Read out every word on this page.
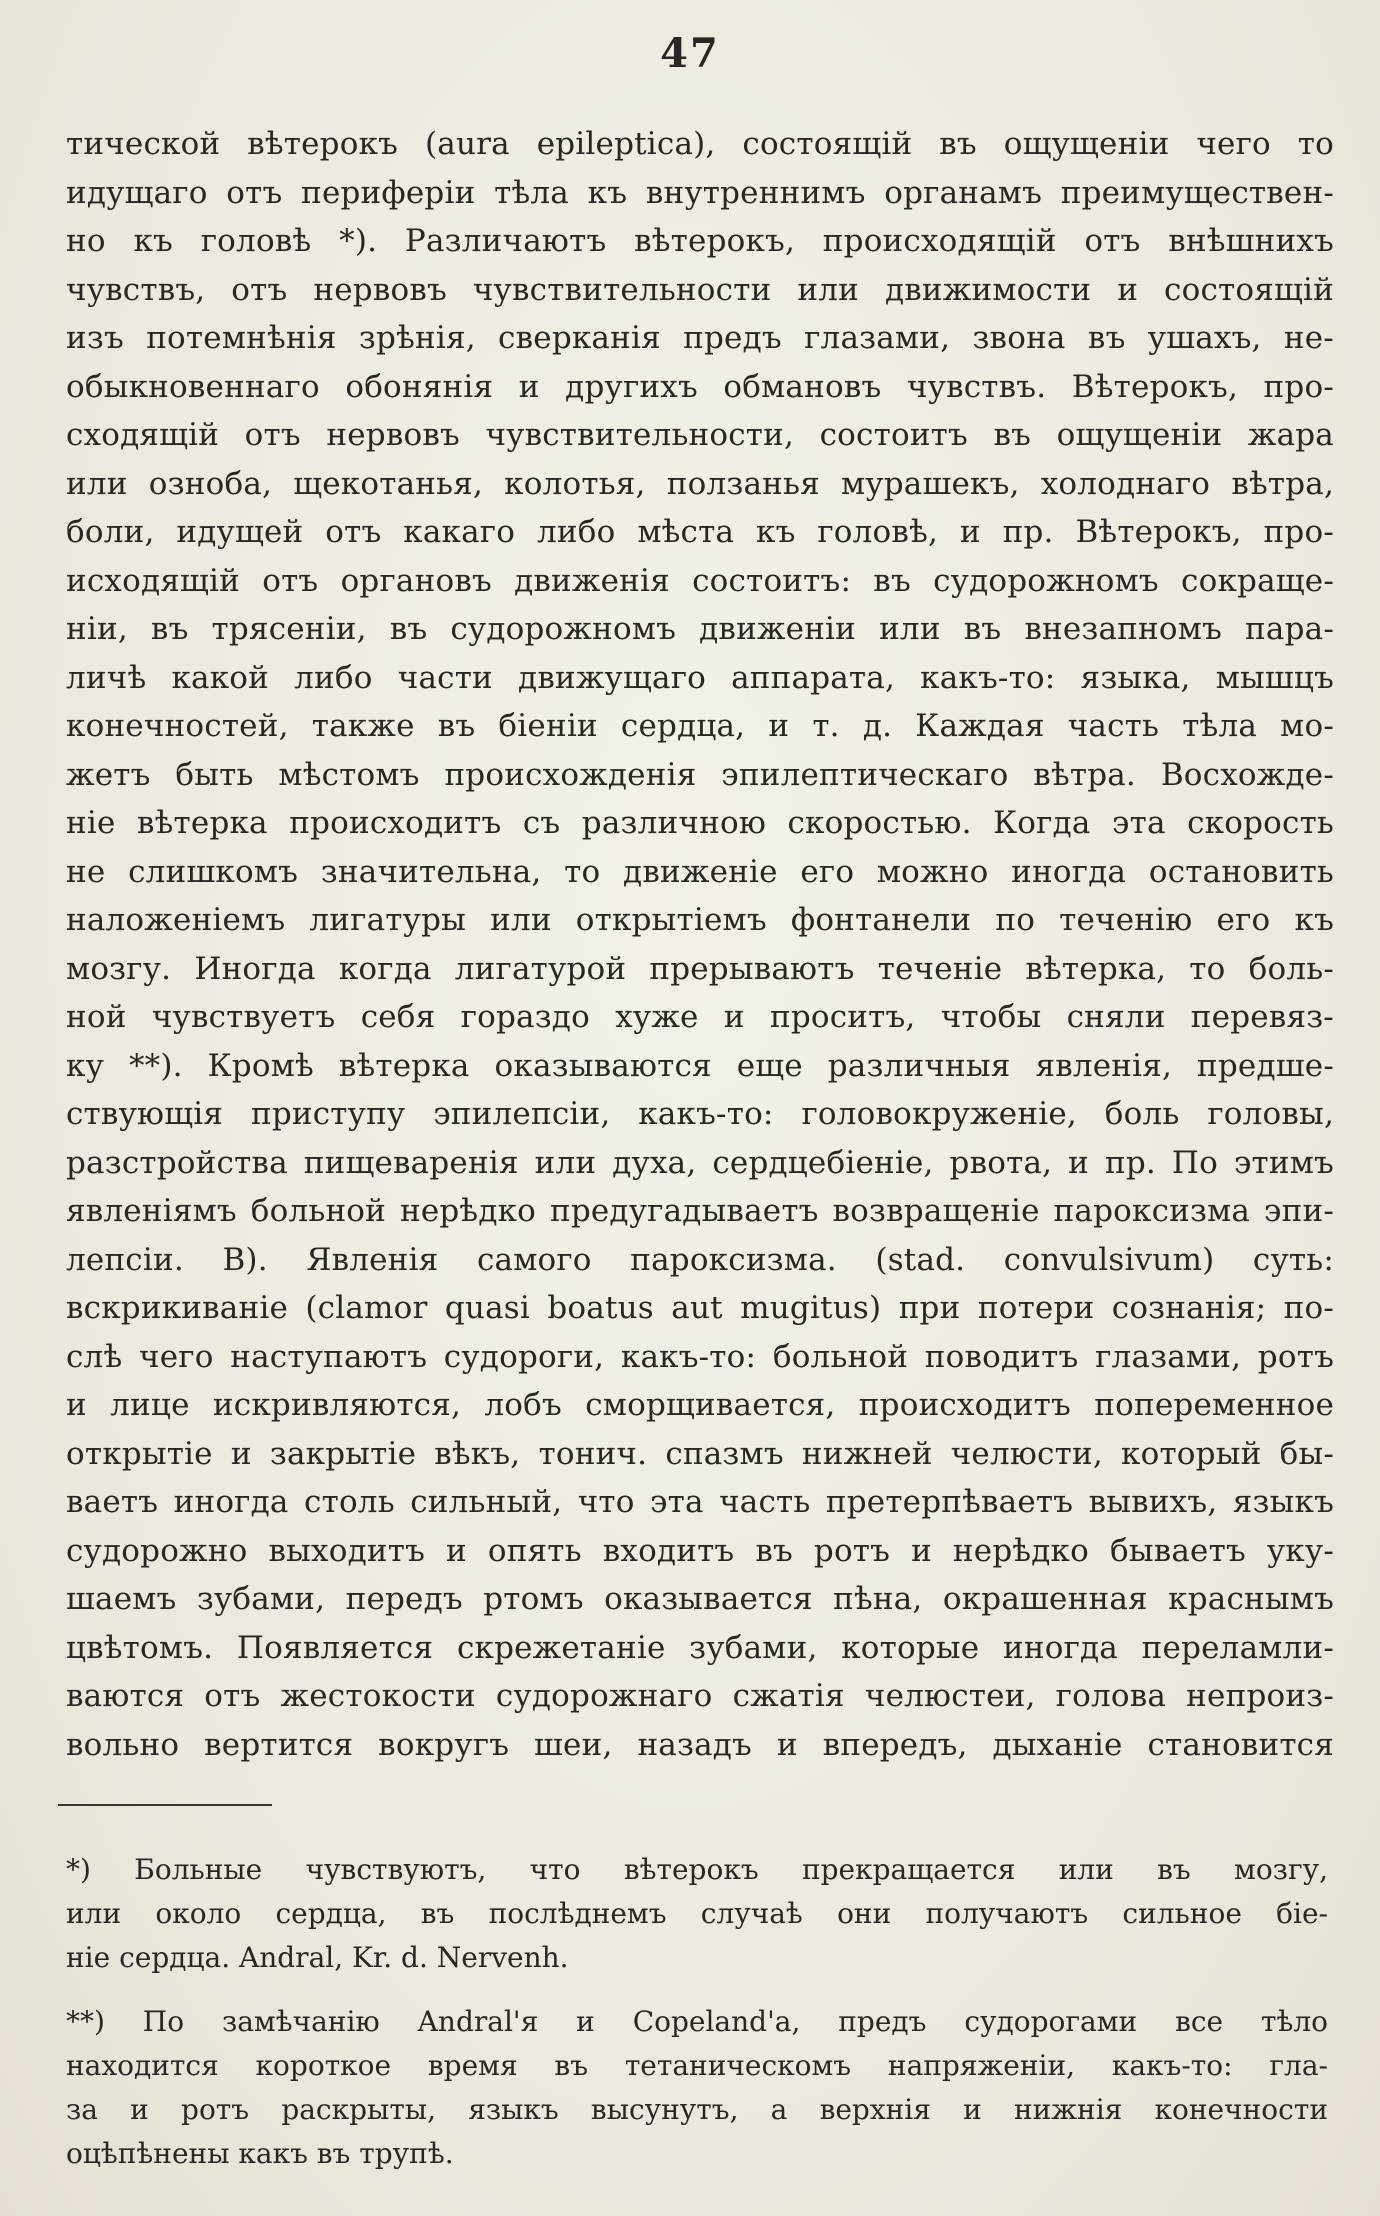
47
тической вѣтерокъ (aura epileptica), состоящій въ ощущеніи чего то
идущаго отъ периферіи тѣла къ внутреннимъ органамъ преимуществен-
но къ головѣ *). Различаютъ вѣтерокъ, происходящій отъ внѣшнихъ
чувствъ, отъ нервовъ чувствительности или движимости и состоящій
изъ потемнѣнія зрѣнія, сверканія предъ глазами, звона въ ушахъ, не-
обыкновеннаго обонянія и другихъ обмановъ чувствъ. Вѣтерокъ, про-
сходящій отъ нервовъ чувствительности, состоитъ въ ощущеніи жара
или озноба, щекотанья, колотья, ползанья мурашекъ, холоднаго вѣтра,
боли, идущей отъ какаго либо мѣста къ головѣ, и пр. Вѣтерокъ, про-
исходящій отъ органовъ движенія состоитъ: въ судорожномъ сокраще-
ніи, въ трясеніи, въ судорожномъ движеніи или въ внезапномъ пара-
личѣ какой либо части движущаго аппарата, какъ-то: языка, мышцъ
конечностей, также въ біеніи сердца, и т. д. Каждая часть тѣла мо-
жетъ быть мѣстомъ происхожденія эпилептическаго вѣтра. Восхожде-
ніе вѣтерка происходитъ съ различною скоростью. Когда эта скорость
не слишкомъ значительна, то движеніе его можно иногда остановить
наложеніемъ лигатуры или открытіемъ фонтанели по теченію его къ
мозгу. Иногда когда лигатурой прерываютъ теченіе вѣтерка, то боль-
ной чувствуетъ себя гораздо хуже и проситъ, чтобы сняли перевяз-
ку **). Кромѣ вѣтерка оказываются еще различныя явленія, предше-
ствующія приступу эпилепсіи, какъ-то: головокруженіе, боль головы,
разстройства пищеваренія или духа, сердцебіеніе, рвота, и пр. По этимъ
явленіямъ больной нерѣдко предугадываетъ возвращеніе пароксизма эпи-
лепсіи. B). Явленія самого пароксизма. (stad. convulsivum) суть:
вскрикиваніе (clamor quasi boatus aut mugitus) при потери сознанія; по-
слѣ чего наступаютъ судороги, какъ-то: больной поводитъ глазами, ротъ
и лице искривляются, лобъ сморщивается, происходитъ попеременное
открытіе и закрытіе вѣкъ, тонич. спазмъ нижней челюсти, который бы-
ваетъ иногда столь сильный, что эта часть претерпѣваетъ вывихъ, языкъ
судорожно выходитъ и опять входитъ въ ротъ и нерѣдко бываетъ уку-
шаемъ зубами, передъ ртомъ оказывается пѣна, окрашенная краснымъ
цвѣтомъ. Появляется скрежетаніе зубами, которые иногда переламли-
ваются отъ жестокости судорожнаго сжатія челюстеи, голова непроиз-
вольно вертится вокругъ шеи, назадъ и впередъ, дыханіе становится
*) Больные чувствуютъ, что вѣтерокъ прекращается или въ мозгу,
или около сердца, въ послѣднемъ случаѣ они получаютъ сильное біе-
ніе сердца. Andral, Kr. d. Nervenh.
**) По замѣчанію Andral'я и Copeland'а, предъ судорогами все тѣло
находится короткое время въ тетаническомъ напряженіи, какъ-то: гла-
за и ротъ раскрыты, языкъ высунутъ, а верхнія и нижнія конечности
оцѣпѣнены какъ въ трупѣ.
